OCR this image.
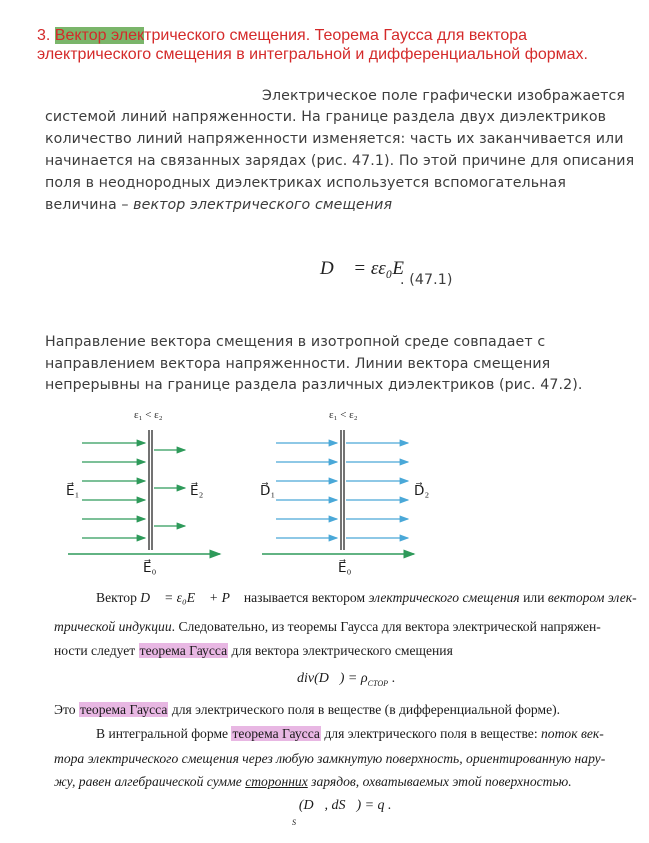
3. Вектор электрического смещения. Теорема Гаусса для вектора
электрического смещения в интегральной и дифференциальной формах.
Электрическое поле графически изображается
системой линий напряженности. На границе раздела двух диэлектриков
количество линий напряженности изменяется: часть их заканчивается или
начинается на связанных зарядах (рис. 47.1). По этой причине для описания
поля в неоднородных диэлектриках используется вспомогательная
величина – вектор электрического смещения
D⃗ = εε₀E⃗
. (47.1)
Направление вектора смещения в изотропной среде совпадает с
направлением вектора напряженности. Линии вектора смещения
непрерывны на границе раздела различных диэлектриков (рис. 47.2).
ε₁ < ε₂
E⃗₁	E⃗₂
E⃗₀
ε₁ < ε₂
D⃗₁	D⃗₂
E⃗₀
Вектор D⃗ = ε₀E⃗ + P⃗ называется вектором электрического смещения или вектором элек-
трической индукции. Следовательно, из теоремы Гаусса для вектора электрической напряжен-
ности следует теорема Гаусса для вектора электрического смещения
div(D⃗) = $\rho_{СТОР}$ .
Это теорема Гаусса для электрического поля в веществе (в дифференциальной форме).
В интегральной форме теорема Гаусса для электрического поля в веществе: поток век-
тора электрического смещения через любую замкнутую поверхность, ориентированную нару-
жу, равен алгебраической сумме сторонних зарядов, охватываемых этой поверхностью.
∯(D⃗, dS⃗) = q .
S
